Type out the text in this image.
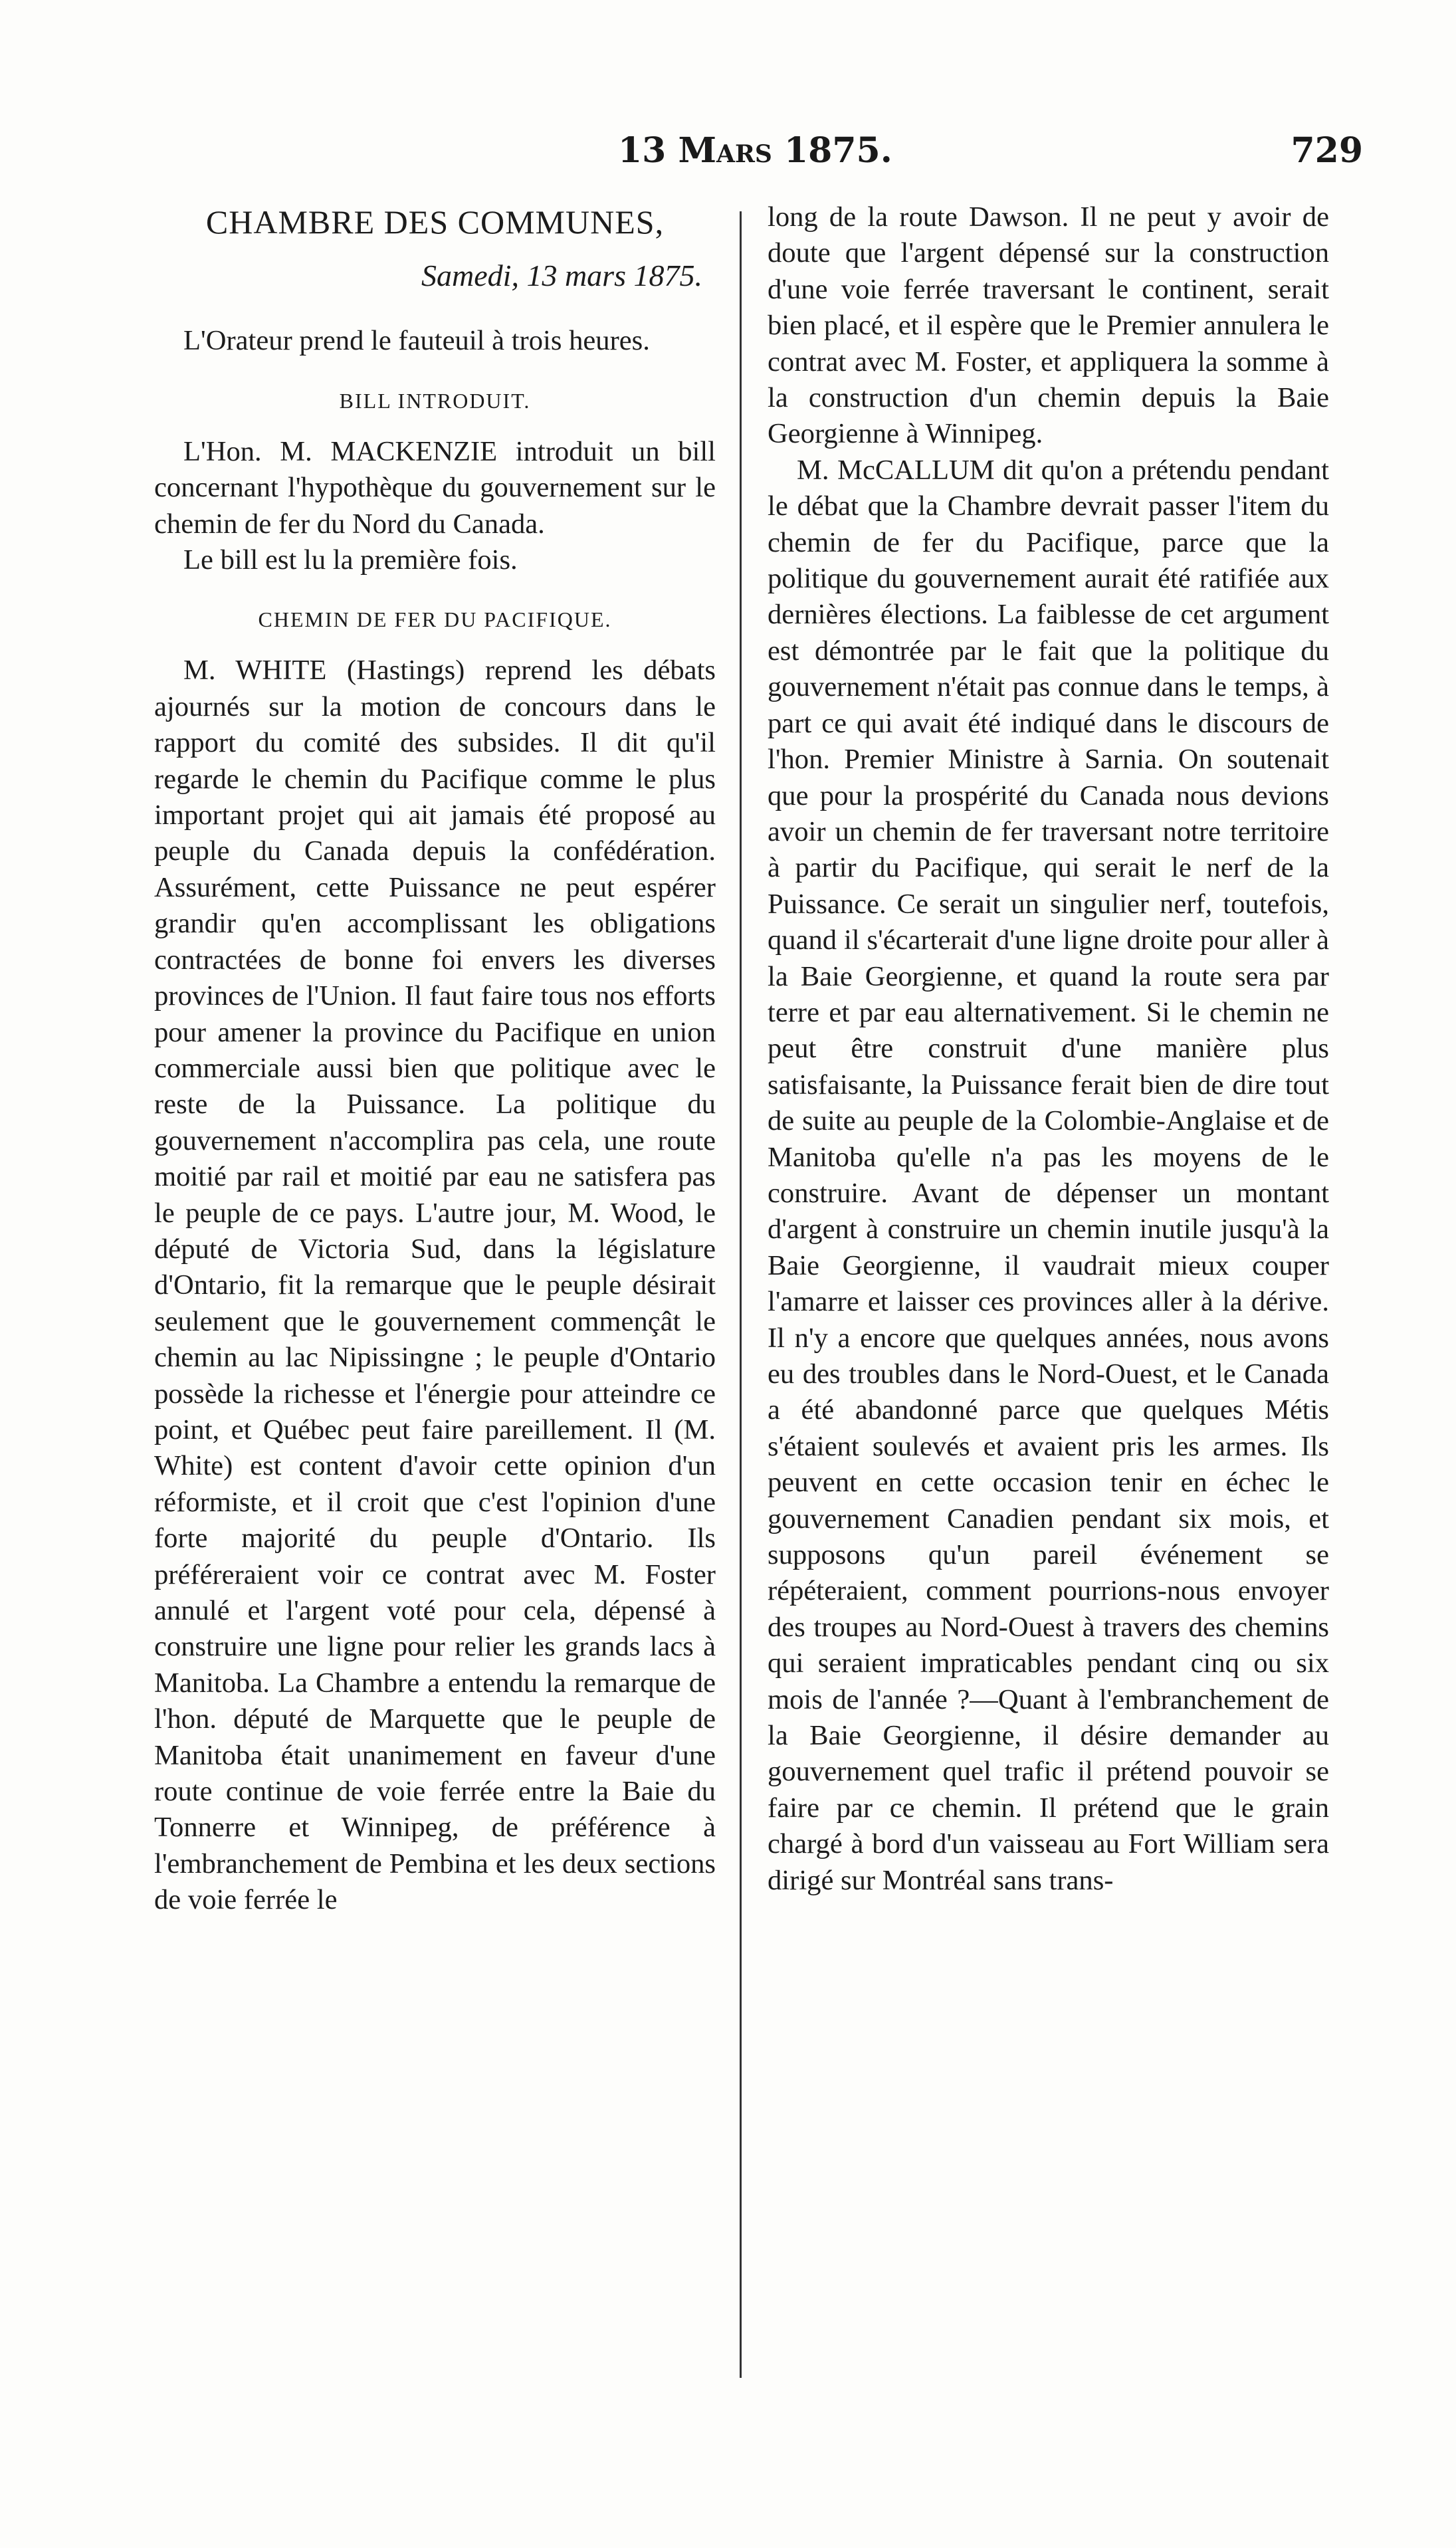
13 Mars 1875.	729
CHAMBRE DES COMMUNES,
Samedi, 13 mars 1875.

L'Orateur prend le fauteuil à trois heures.

BILL INTRODUIT.

L'Hon. M. MACKENZIE introduit un bill concernant l'hypothèque du gouvernement sur le chemin de fer du Nord du Canada.

Le bill est lu la première fois.

CHEMIN DE FER DU PACIFIQUE.

M. WHITE (Hastings) reprend les débats ajournés sur la motion de concours dans le rapport du comité des subsides. Il dit qu'il regarde le chemin du Pacifique comme le plus important projet qui ait jamais été proposé au peuple du Canada depuis la confédération. Assurément, cette Puissance ne peut espérer grandir qu'en accomplissant les obligations contractées de bonne foi envers les diverses provinces de l'Union. Il faut faire tous nos efforts pour amener la province du Pacifique en union commerciale aussi bien que politique avec le reste de la Puissance. La politique du gouvernement n'accomplira pas cela, une route moitié par rail et moitié par eau ne satisfera pas le peuple de ce pays. L'autre jour, M. Wood, le député de Victoria Sud, dans la législature d'Ontario, fit la remarque que le peuple désirait seulement que le gouvernement commençât le chemin au lac Nipissingne ; le peuple d'Ontario possède la richesse et l'énergie pour atteindre ce point, et Québec peut faire pareillement. Il (M. White) est content d'avoir cette opinion d'un réformiste, et il croit que c'est l'opinion d'une forte majorité du peuple d'Ontario. Ils préféreraient voir ce contrat avec M. Foster annulé et l'argent voté pour cela, dépensé à construire une ligne pour relier les grands lacs à Manitoba. La Chambre a entendu la remarque de l'hon. député de Marquette que le peuple de Manitoba était unanimement en faveur d'une route continue de voie ferrée entre la Baie du Tonnerre et Winnipeg, de préférence à l'embranchement de Pembina et les deux sections de voie ferrée le

long de la route Dawson. Il ne peut y avoir de doute que l'argent dépensé sur la construction d'une voie ferrée traversant le continent, serait bien placé, et il espère que le Premier annulera le contrat avec M. Foster, et appliquera la somme à la construction d'un chemin depuis la Baie Georgienne à Winnipeg.

M. McCALLUM dit qu'on a prétendu pendant le débat que la Chambre devrait passer l'item du chemin de fer du Pacifique, parce que la politique du gouvernement aurait été ratifiée aux dernières élections. La faiblesse de cet argument est démontrée par le fait que la politique du gouvernement n'était pas connue dans le temps, à part ce qui avait été indiqué dans le discours de l'hon. Premier Ministre à Sarnia. On soutenait que pour la prospérité du Canada nous devions avoir un chemin de fer traversant notre territoire à partir du Pacifique, qui serait le nerf de la Puissance. Ce serait un singulier nerf, toutefois, quand il s'écarterait d'une ligne droite pour aller à la Baie Georgienne, et quand la route sera par terre et par eau alternativement. Si le chemin ne peut être construit d'une manière plus satisfaisante, la Puissance ferait bien de dire tout de suite au peuple de la Colombie-Anglaise et de Manitoba qu'elle n'a pas les moyens de le construire. Avant de dépenser un montant d'argent à construire un chemin inutile jusqu'à la Baie Georgienne, il vaudrait mieux couper l'amarre et laisser ces provinces aller à la dérive. Il n'y a encore que quelques années, nous avons eu des troubles dans le Nord-Ouest, et le Canada a été abandonné parce que quelques Métis s'étaient soulevés et avaient pris les armes. Ils peuvent en cette occasion tenir en échec le gouvernement Canadien pendant six mois, et supposons qu'un pareil événement se répéteraient, comment pourrions-nous envoyer des troupes au Nord-Ouest à travers des chemins qui seraient impraticables pendant cinq ou six mois de l'année ?—Quant à l'embranchement de la Baie Georgienne, il désire demander au gouvernement quel trafic il prétend pouvoir se faire par ce chemin. Il prétend que le grain chargé à bord d'un vaisseau au Fort William sera dirigé sur Montréal sans trans-
